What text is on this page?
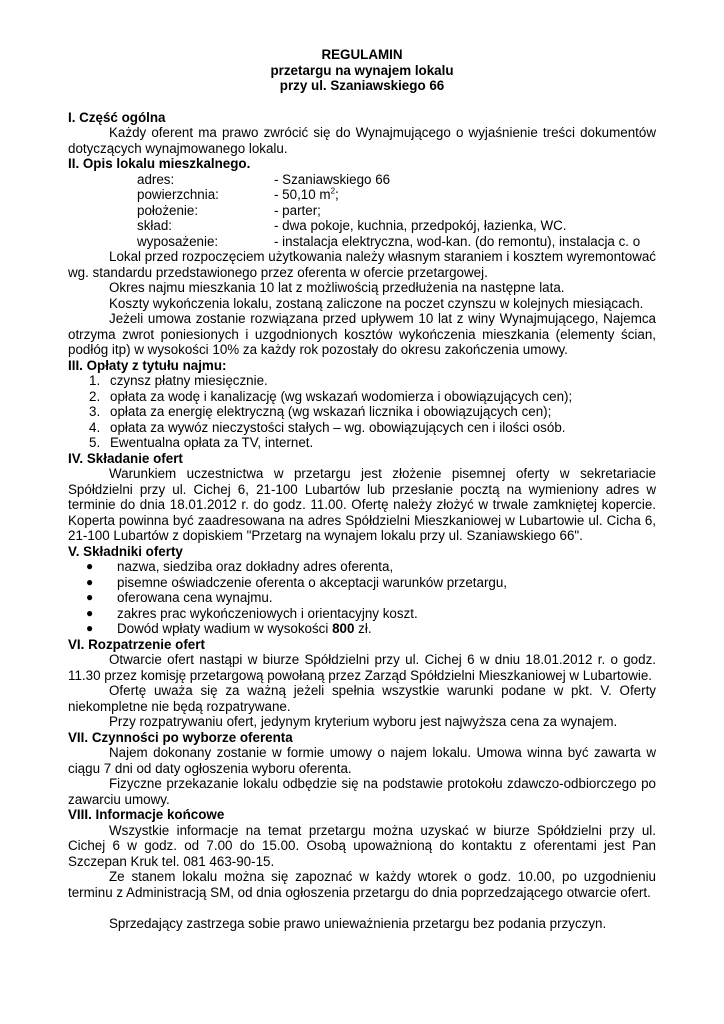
REGULAMIN
przetargu na wynajem lokalu
przy ul. Szaniawskiego 66
I. Część ogólna
Każdy oferent ma prawo zwrócić się do Wynajmującego o wyjaśnienie treści dokumentów dotyczących wynajmowanego lokalu.
II. Opis lokalu mieszkalnego.
adres:	- Szaniawskiego 66
powierzchnia:	- 50,10 $m^2$;
położenie:	- parter;
skład:	- dwa pokoje, kuchnia, przedpokój, łazienka, WC.
wyposażenie:	- instalacja elektryczna, wod-kan. (do remontu), instalacja c. o
Lokal przed rozpoczęciem użytkowania należy własnym staraniem i kosztem wyremontować wg. standardu przedstawionego przez oferenta w ofercie przetargowej.
Okres najmu mieszkania 10 lat z możliwością przedłużenia na następne lata.
Koszty wykończenia lokalu, zostaną zaliczone na poczet czynszu w kolejnych miesiącach.
Jeżeli umowa zostanie rozwiązana przed upływem 10 lat z winy Wynajmującego, Najemca otrzyma zwrot poniesionych i uzgodnionych kosztów wykończenia mieszkania (elementy ścian, podłóg itp) w wysokości 10% za każdy rok pozostały do okresu zakończenia umowy.
III. Opłaty z tytułu najmu:
1. czynsz płatny miesięcznie.
2. opłata za wodę i kanalizację (wg wskazań wodomierza i obowiązujących cen);
3. opłata za energię elektryczną (wg wskazań licznika i obowiązujących cen);
4. opłata za wywóz nieczystości stałych – wg. obowiązujących cen i ilości osób.
5. Ewentualna opłata za TV, internet.
IV. Składanie ofert
Warunkiem uczestnictwa w przetargu jest złożenie pisemnej oferty w sekretariacie Spółdzielni przy ul. Cichej 6, 21-100 Lubartów lub przesłanie pocztą na wymieniony adres w terminie do dnia 18.01.2012 r. do godz. 11.00. Ofertę należy złożyć w trwale zamkniętej kopercie. Koperta powinna być zaadresowana na adres Spółdzielni Mieszkaniowej w Lubartowie ul. Cicha 6, 21-100 Lubartów z dopiskiem "Przetarg na wynajem lokalu przy ul. Szaniawskiego 66".
V. Składniki oferty
●	nazwa, siedziba oraz dokładny adres oferenta,
●	pisemne oświadczenie oferenta o akceptacji warunków przetargu,
●	oferowana cena wynajmu.
●	zakres prac wykończeniowych i orientacyjny koszt.
●	Dowód wpłaty wadium w wysokości 800 zł.
VI. Rozpatrzenie ofert
Otwarcie ofert nastąpi w biurze Spółdzielni przy ul. Cichej 6 w dniu 18.01.2012 r. o godz. 11.30 przez komisję przetargową powołaną przez Zarząd Spółdzielni Mieszkaniowej w Lubartowie.
Ofertę uważa się za ważną jeżeli spełnia wszystkie warunki podane w pkt. V. Oferty niekompletne nie będą rozpatrywane.
Przy rozpatrywaniu ofert, jedynym kryterium wyboru jest najwyższa cena za wynajem.
VII. Czynności po wyborze oferenta
Najem dokonany zostanie w formie umowy o najem lokalu. Umowa winna być zawarta w ciągu 7 dni od daty ogłoszenia wyboru oferenta.
Fizyczne przekazanie lokalu odbędzie się na podstawie protokołu zdawczo-odbiorczego po zawarciu umowy.
VIII. Informacje końcowe
Wszystkie informacje na temat przetargu można uzyskać w biurze Spółdzielni przy ul. Cichej 6 w godz. od 7.00 do 15.00. Osobą upoważnioną do kontaktu z oferentami jest Pan Szczepan Kruk tel. 081 463-90-15.
Ze stanem lokalu można się zapoznać w każdy wtorek o godz. 10.00, po uzgodnieniu terminu z Administracją SM, od dnia ogłoszenia przetargu do dnia poprzedzającego otwarcie ofert.
Sprzedający zastrzega sobie prawo unieważnienia przetargu bez podania przyczyn.
